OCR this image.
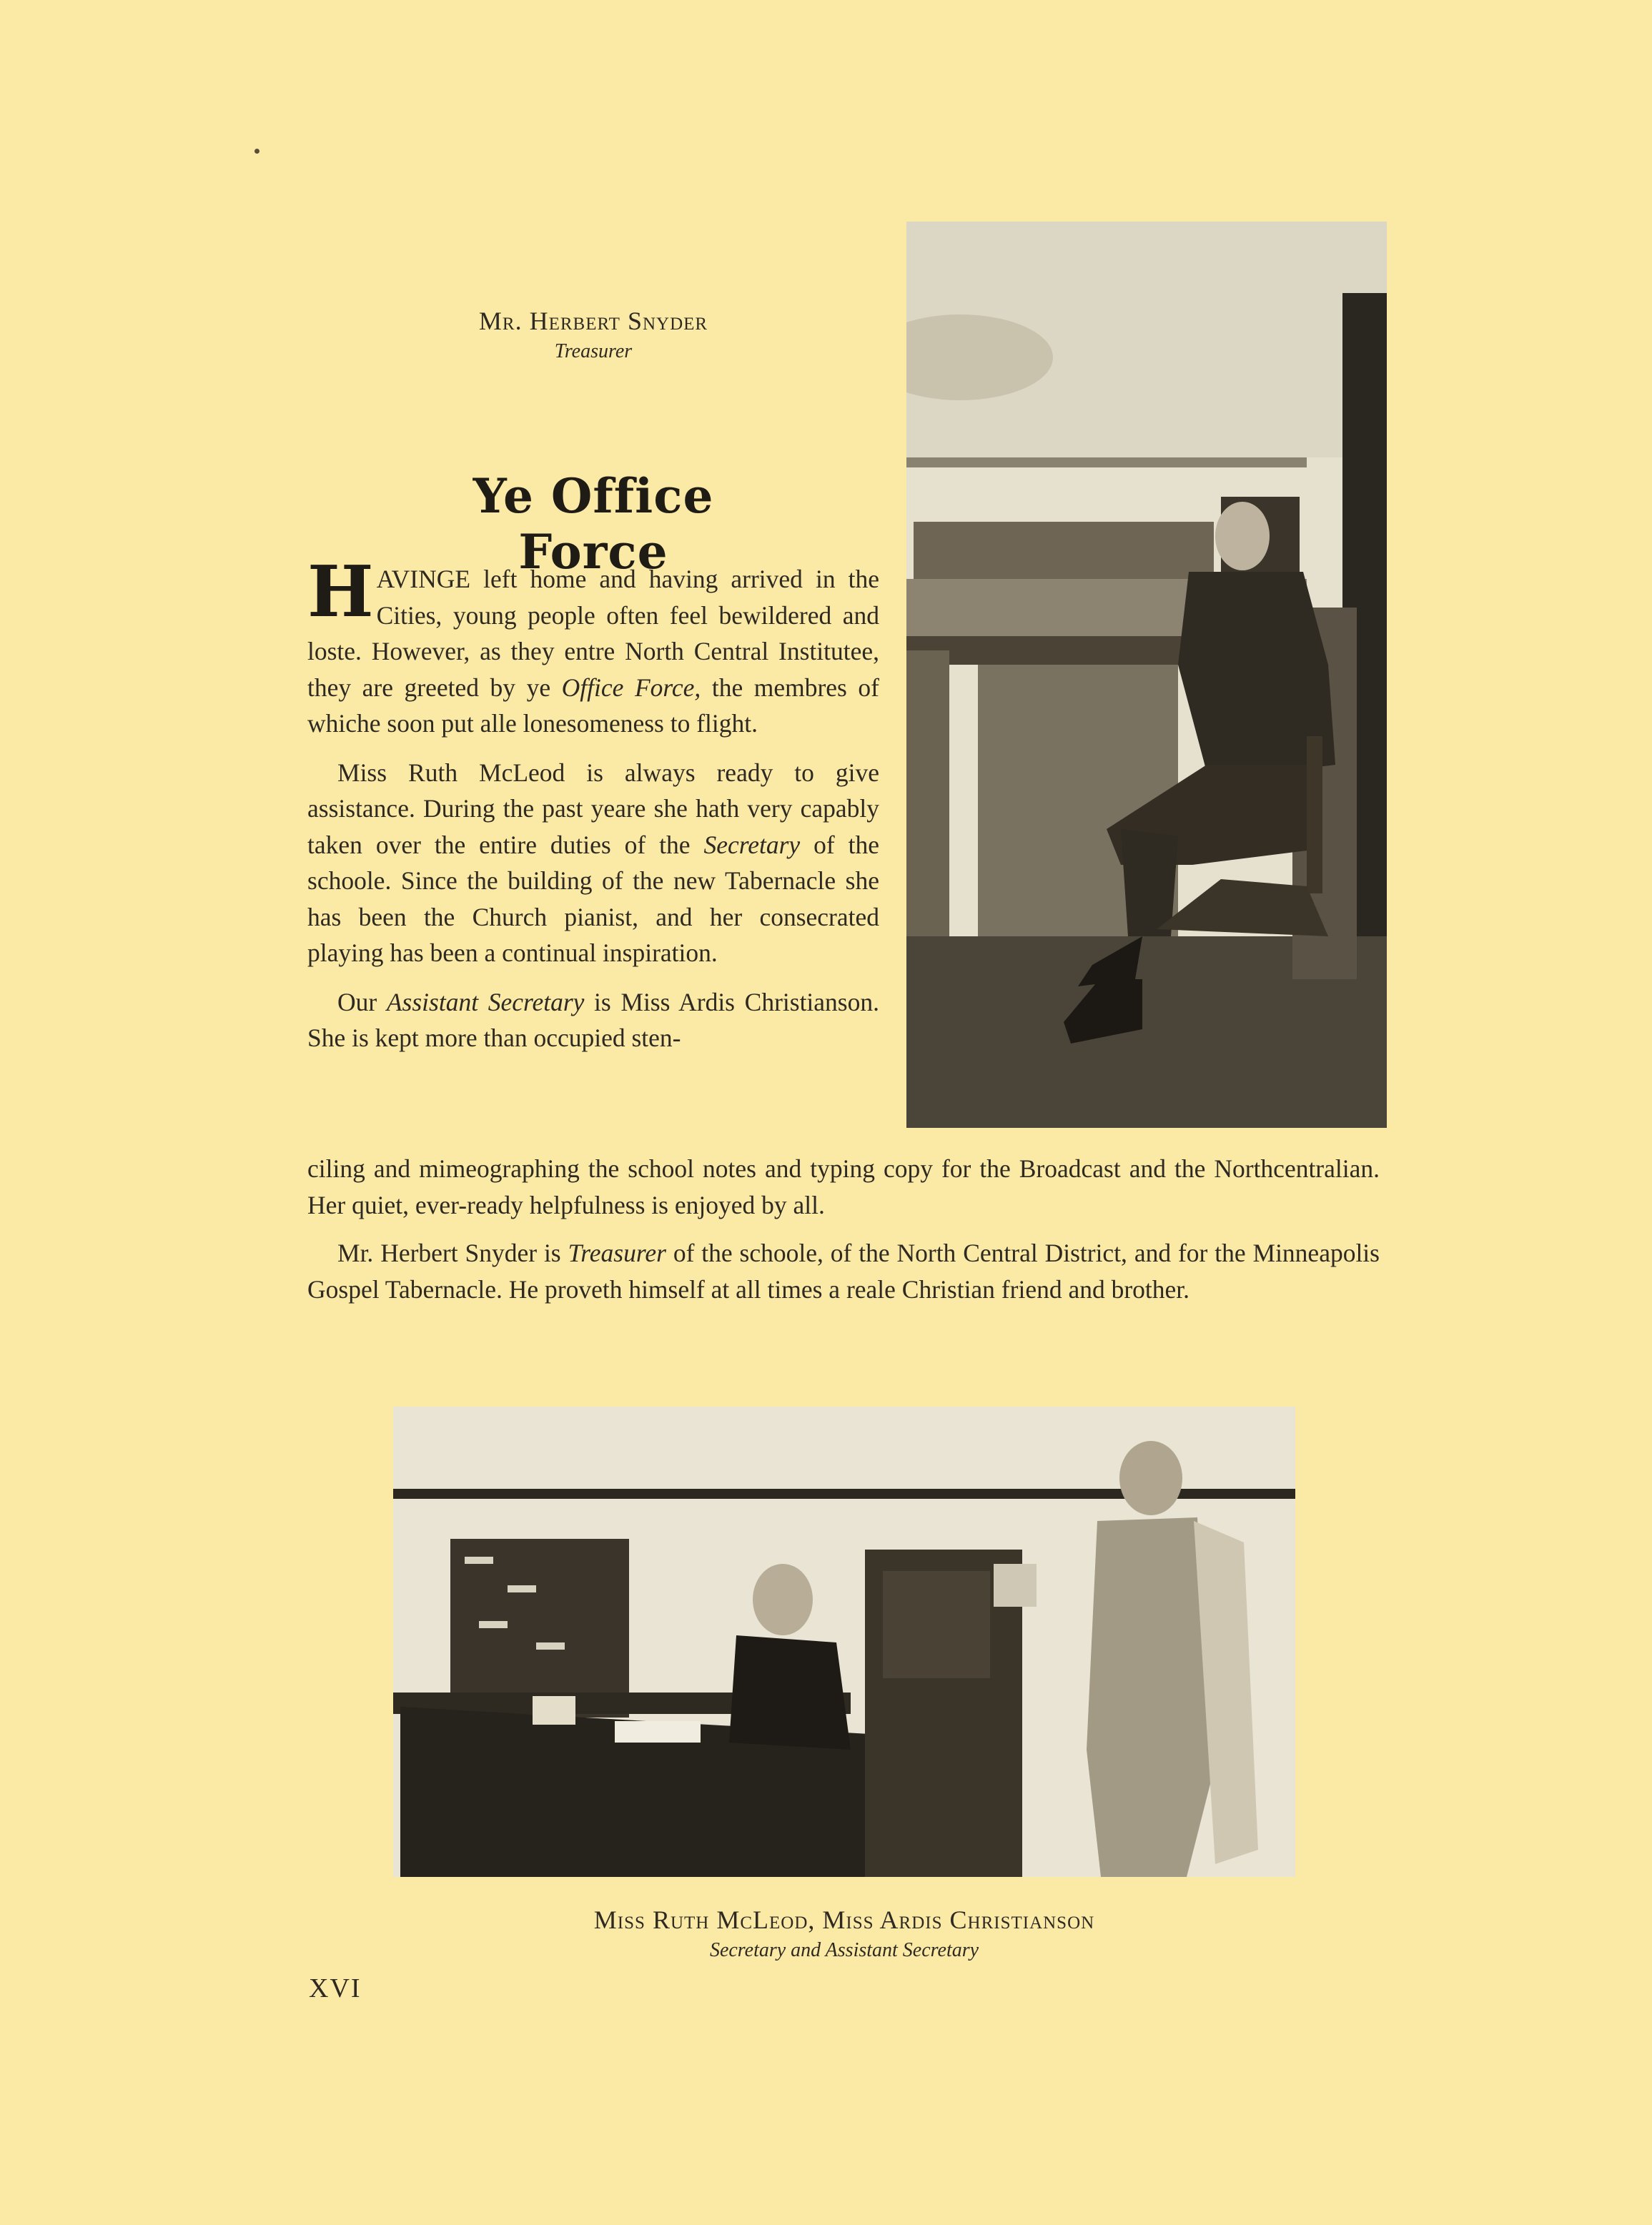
Mr. Herbert Snyder
Treasurer
Ye Office Force

HAVINGE left home and having arrived in the Cities, young people often feel bewildered and loste. However, as they entre North Central Institutee, they are greeted by ye Office Force, the membres of whiche soon put alle lonesomeness to flight.

Miss Ruth McLeod is always ready to give assistance. During the past yeare she hath very capably taken over the entire duties of the Secretary of the schoole. Since the building of the new Tabernacle she has been the Church pianist, and her consecrated playing has been a continual inspiration.

Our Assistant Secretary is Miss Ardis Christianson. She is kept more than occupied sten-

ciling and mimeographing the school notes and typing copy for the Broadcast and the Northcentralian. Her quiet, ever-ready helpfulness is enjoyed by all.

Mr. Herbert Snyder is Treasurer of the schoole, of the North Central District, and for the Minneapolis Gospel Tabernacle. He proveth himself at all times a reale Christian friend and brother.

Miss Ruth McLeod, Miss Ardis Christianson
Secretary and Assistant Secretary
XVI
